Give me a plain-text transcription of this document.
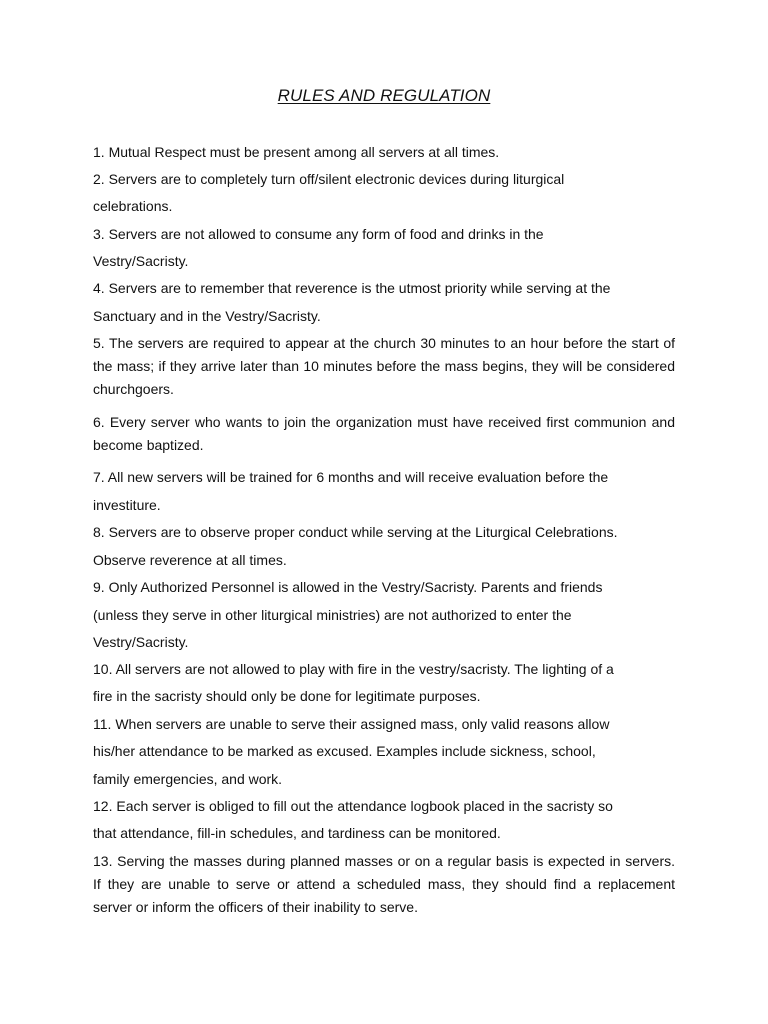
RULES AND REGULATION

1. Mutual Respect must be present among all servers at all times.

2. Servers are to completely turn off/silent electronic devices during liturgical

celebrations.

3. Servers are not allowed to consume any form of food and drinks in the

Vestry/Sacristy.

4. Servers are to remember that reverence is the utmost priority while serving at the

Sanctuary and in the Vestry/Sacristy.

5. The servers are required to appear at the church 30 minutes to an hour before the start of

the mass; if they arrive later than 10 minutes before the mass begins, they will be considered

churchgoers.

6. Every server who wants to join the organization must have received first communion and

become baptized.

7. All new servers will be trained for 6 months and will receive evaluation before the

investiture.

8. Servers are to observe proper conduct while serving at the Liturgical Celebrations.

Observe reverence at all times.

9. Only Authorized Personnel is allowed in the Vestry/Sacristy. Parents and friends

(unless they serve in other liturgical ministries) are not authorized to enter the

Vestry/Sacristy.

10. All servers are not allowed to play with fire in the vestry/sacristy. The lighting of a

fire in the sacristy should only be done for legitimate purposes.

11. When servers are unable to serve their assigned mass, only valid reasons allow

his/her attendance to be marked as excused. Examples include sickness, school,

family emergencies, and work.

12. Each server is obliged to fill out the attendance logbook placed in the sacristy so

that attendance, fill-in schedules, and tardiness can be monitored.

13. Serving the masses during planned masses or on a regular basis is expected in servers.

If they are unable to serve or attend a scheduled mass, they should find a replacement

server or inform the officers of their inability to serve.
